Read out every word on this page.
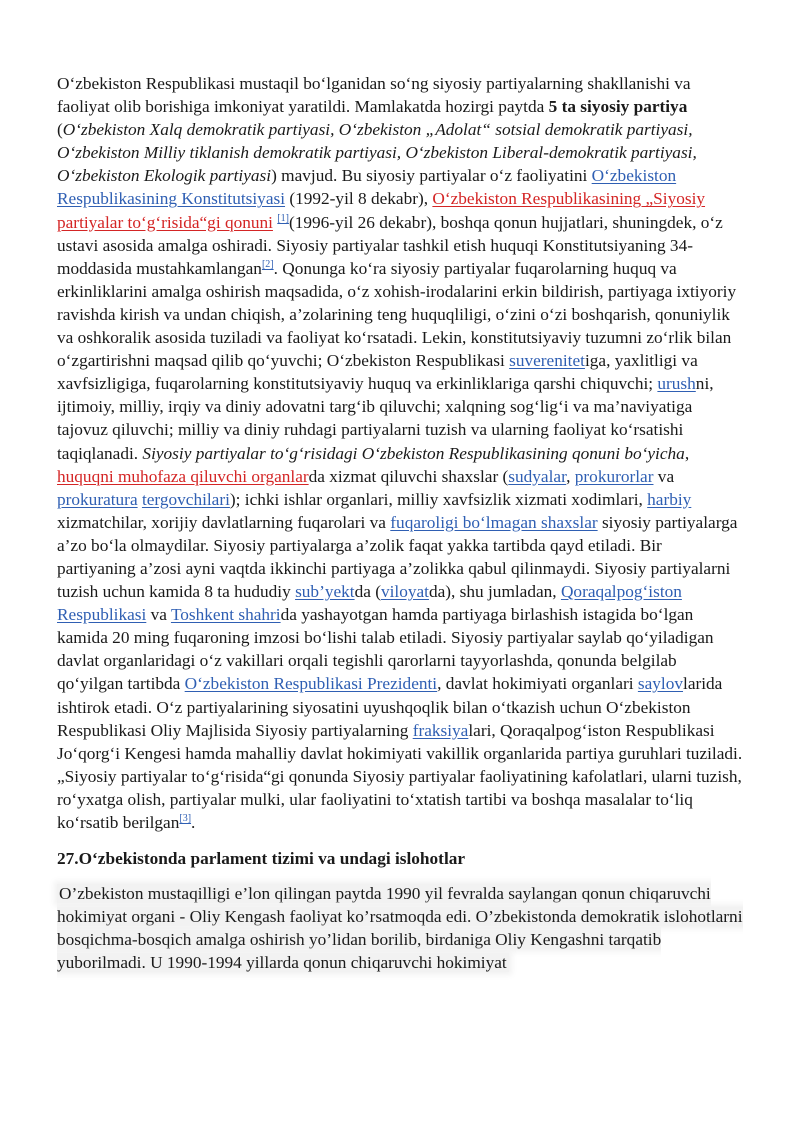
O‘zbekiston Respublikasi mustaqil bo‘lganidan so‘ng siyosiy partiyalarning shakllanishi va faoliyat olib borishiga imkoniyat yaratildi. Mamlakatda hozirgi paytda 5 ta siyosiy partiya (O‘zbekiston Xalq demokratik partiyasi, O‘zbekiston „Adolat“ sotsial demokratik partiyasi, O‘zbekiston Milliy tiklanish demokratik partiyasi, O‘zbekiston Liberal-demokratik partiyasi, O‘zbekiston Ekologik partiyasi) mavjud. Bu siyosiy partiyalar o‘z faoliyatini O‘zbekiston Respublikasining Konstitutsiyasi (1992-yil 8 dekabr), O‘zbekiston Respublikasining „Siyosiy partiyalar to‘g‘risida“gi qonuni [1](1996-yil 26 dekabr), boshqa qonun hujjatlari, shuningdek, o‘z ustavi asosida amalga oshiradi. Siyosiy partiyalar tashkil etish huquqi Konstitutsiyaning 34-moddasida mustahkamlangan[2]. Qonunga ko‘ra siyosiy partiyalar fuqarolarning huquq va erkinliklarini amalga oshirish maqsadida, o‘z xohish-irodalarini erkin bildirish, partiyaga ixtiyoriy ravishda kirish va undan chiqish, a’zolarining teng huquqliligi, o‘zini o‘zi boshqarish, qonuniylik va oshkoralik asosida tuziladi va faoliyat ko‘rsatadi. Lekin, konstitutsiyaviy tuzumni zo‘rlik bilan o‘zgartirishni maqsad qilib qo‘yuvchi; O‘zbekiston Respublikasi suverenitetiga, yaxlitligi va xavfsizligiga, fuqarolarning konstitutsiyaviy huquq va erkinliklariga qarshi chiquvchi; urushni, ijtimoiy, milliy, irqiy va diniy adovatni targ‘ib qiluvchi; xalqning sog‘lig‘i va ma’naviyatiga tajovuz qiluvchi; milliy va diniy ruhdagi partiyalarni tuzish va ularning faoliyat ko‘rsatishi taqiqlanadi. Siyosiy partiyalar to‘g‘risidagi O‘zbekiston Respublikasining qonuni bo‘yicha, huquqni muhofaza qiluvchi organlarda xizmat qiluvchi shaxslar (sudyalar, prokurorlar va prokuratura tergovchilari); ichki ishlar organlari, milliy xavfsizlik xizmati xodimlari, harbiy xizmatchilar, xorijiy davlatlarning fuqarolari va fuqaroligi bo‘lmagan shaxslar siyosiy partiyalarga a’zo bo‘la olmaydilar. Siyosiy partiyalarga a’zolik faqat yakka tartibda qayd etiladi. Bir partiyaning a’zosi ayni vaqtda ikkinchi partiyaga a’zolikka qabul qilinmaydi. Siyosiy partiyalarni tuzish uchun kamida 8 ta hududiy sub’yektda (viloyatda), shu jumladan, Qoraqalpog‘iston Respublikasi va Toshkent shahrida yashayotgan hamda partiyaga birlashish istagida bo‘lgan kamida 20 ming fuqaroning imzosi bo‘lishi talab etiladi. Siyosiy partiyalar saylab qo‘yiladigan davlat organlaridagi o‘z vakillari orqali tegishli qarorlarni tayyorlashda, qonunda belgilab qo‘yilgan tartibda O‘zbekiston Respublikasi Prezidenti, davlat hokimiyati organlari saylovlarida ishtirok etadi. O‘z partiyalarining siyosatini uyushqoqlik bilan o‘tkazish uchun O‘zbekiston Respublikasi Oliy Majlisida Siyosiy partiyalarning fraksiyalari, Qoraqalpog‘iston Respublikasi Jo‘qorg‘i Kengesi hamda mahalliy davlat hokimiyati vakillik organlarida partiya guruhlari tuziladi. „Siyosiy partiyalar to‘g‘risida“gi qonunda Siyosiy partiyalar faoliyatining kafolatlari, ularni tuzish, ro‘yxatga olish, partiyalar mulki, ular faoliyatini to‘xtatish tartibi va boshqa masalalar to‘liq ko‘rsatib berilgan[3].

27.O‘zbekistonda parlament tizimi va undagi islohotlar

O’zbekiston mustaqilligi e’lon qilingan paytda 1990 yil fevralda saylangan qonun chiqaruvchi hokimiyat organi - Oliy Kengash faoliyat ko’rsatmoqda edi. O’zbekistonda demokratik islohotlarni bosqichma-bosqich amalga oshirish yo’lidan borilib, birdaniga Oliy Kengashni tarqatib yuborilmadi. U 1990-1994 yillarda qonun chiqaruvchi hokimiyat
